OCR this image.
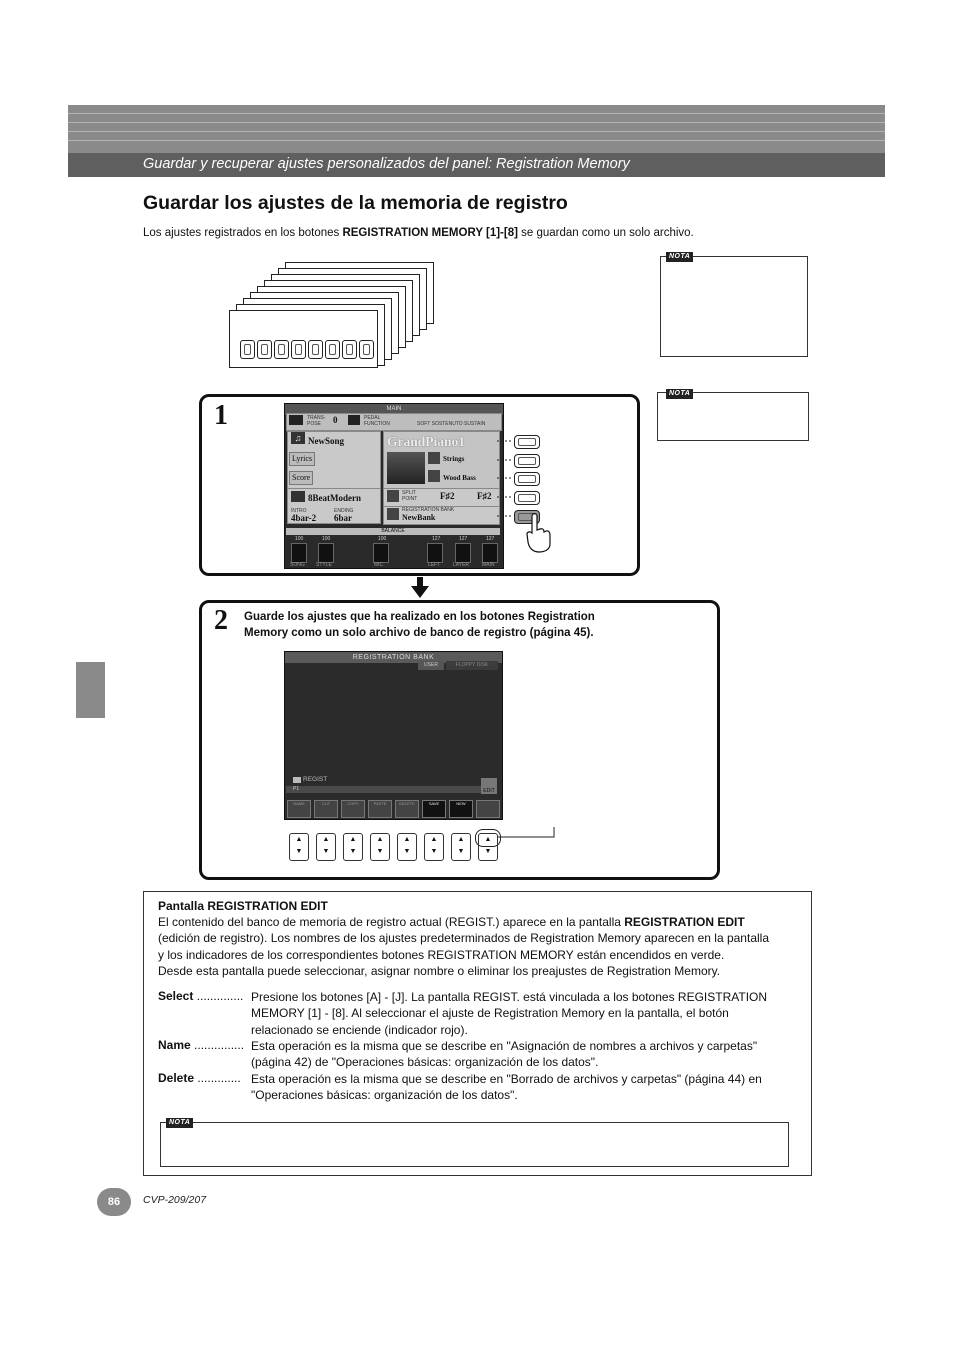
Guardar y recuperar ajustes personalizados del panel: Registration Memory
Guardar los ajustes de la memoria de registro
Los ajustes registrados en los botones REGISTRATION MEMORY [1]-[8] se guardan como un solo archivo.
NOTA
NOTA
1	MAIN
TRANS-POSE	0	PEDAL FUNCTION	SOFT SOSTENUTO SUSTAIN
♫ NewSong
Lyrics
Score
8BeatModern
INTRO
4bar-2
ENDING
6bar
GrandPiano1
Strings
Wood Bass
SPLIT POINT	F♯2	F♯2
REGISTRATION BANK
NewBank
BALANCE
100	100	100	127	127	127
SONG STYLE	MIC	LEFT	LAYER	MAIN
2 Guarde los ajustes que ha realizado en los botones Registration Memory como un solo archivo de banco de registro (página 45).
REGISTRATION BANK
USER	FLOPPY DISK
REGIST
P1	EDIT
NAME	CUT	COPY	PASTE	DELETE	SAVE	NEW
▲
▼
▲
▼
▲
▼
▲
▼
▲
▼
▲
▼
▲
▼
▲
▼
Pantalla REGISTRATION EDIT
El contenido del banco de memoria de registro actual (REGIST.) aparece en la pantalla REGISTRATION EDIT
(edición de registro). Los nombres de los ajustes predeterminados de Registration Memory aparecen en la pantalla
y los indicadores de los correspondientes botones REGISTRATION MEMORY están encendidos en verde.
Desde esta pantalla puede seleccionar, asignar nombre o eliminar los preajustes de Registration Memory.
Select .............. Presione los botones [A] - [J]. La pantalla REGIST. está vinculada a los botones REGISTRATION MEMORY [1] - [8]. Al seleccionar el ajuste de Registration Memory en la pantalla, el botón relacionado se enciende (indicador rojo).
Name ............... Esta operación es la misma que se describe en "Asignación de nombres a archivos y carpetas" (página 42) de "Operaciones básicas: organización de los datos".
Delete ............. Esta operación es la misma que se describe en "Borrado de archivos y carpetas" (página 44) en "Operaciones básicas: organización de los datos".
NOTA
86	CVP-209/207
